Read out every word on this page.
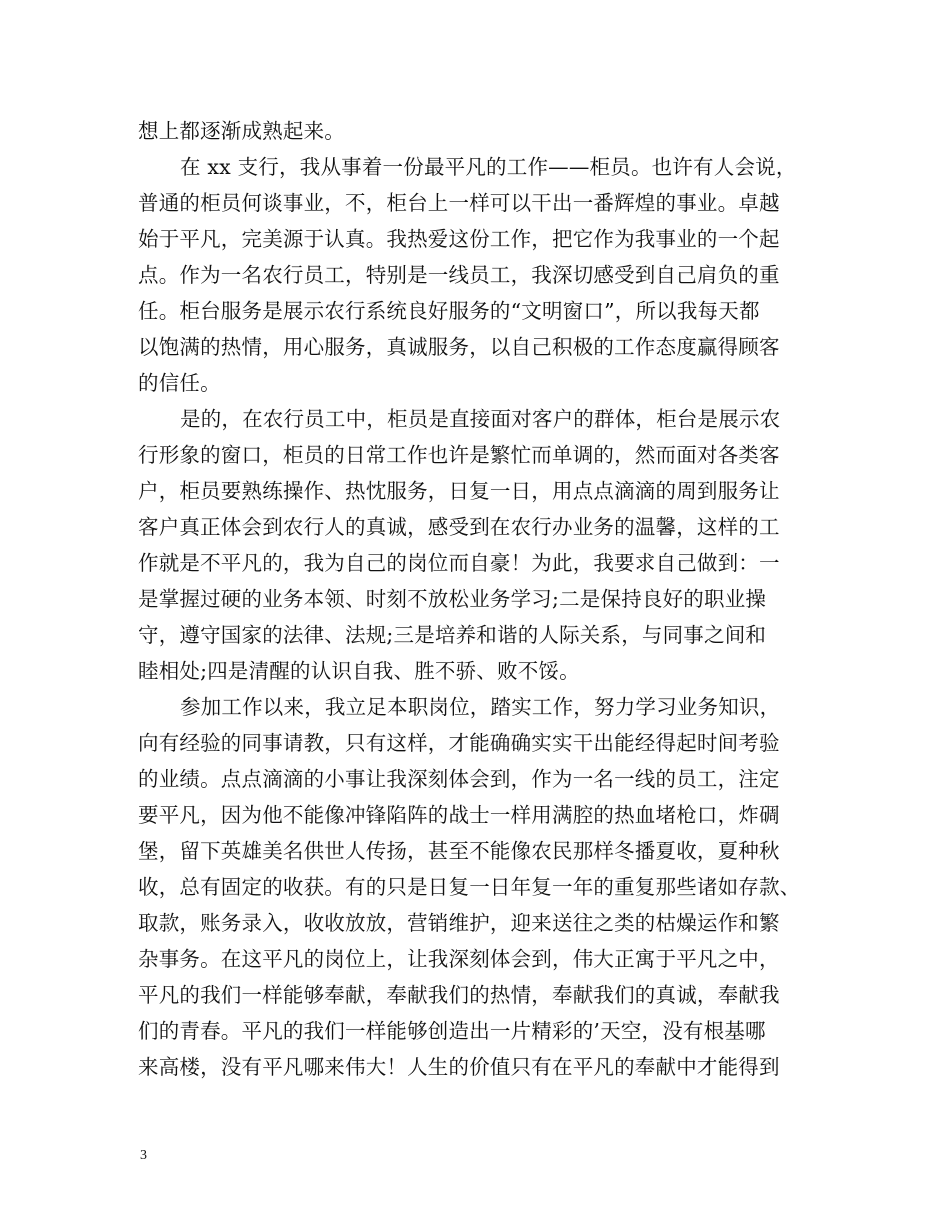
想上都逐渐成熟起来。
在 xx 支行，我从事着一份最平凡的工作——柜员。也许有人会说，
普通的柜员何谈事业，不，柜台上一样可以干出一番辉煌的事业。卓越
始于平凡，完美源于认真。我热爱这份工作，把它作为我事业的一个起
点。作为一名农行员工，特别是一线员工，我深切感受到自己肩负的重
任。柜台服务是展示农行系统良好服务的“文明窗口”，所以我每天都
以饱满的热情，用心服务，真诚服务，以自己积极的工作态度赢得顾客
的信任。
是的，在农行员工中，柜员是直接面对客户的群体，柜台是展示农
行形象的窗口，柜员的日常工作也许是繁忙而单调的，然而面对各类客
户，柜员要熟练操作、热忱服务，日复一日，用点点滴滴的周到服务让
客户真正体会到农行人的真诚，感受到在农行办业务的温馨，这样的工
作就是不平凡的，我为自己的岗位而自豪！为此，我要求自己做到：一
是掌握过硬的业务本领、时刻不放松业务学习;二是保持良好的职业操
守，遵守国家的法律、法规;三是培养和谐的人际关系，与同事之间和
睦相处;四是清醒的认识自我、胜不骄、败不馁。
参加工作以来，我立足本职岗位，踏实工作，努力学习业务知识，
向有经验的同事请教，只有这样，才能确确实实干出能经得起时间考验
的业绩。点点滴滴的小事让我深刻体会到，作为一名一线的员工，注定
要平凡，因为他不能像冲锋陷阵的战士一样用满腔的热血堵枪口，炸碉
堡，留下英雄美名供世人传扬，甚至不能像农民那样冬播夏收，夏种秋
收，总有固定的收获。有的只是日复一日年复一年的重复那些诸如存款、
取款，账务录入，收收放放，营销维护，迎来送往之类的枯燥运作和繁
杂事务。在这平凡的岗位上，让我深刻体会到，伟大正寓于平凡之中，
平凡的我们一样能够奉献，奉献我们的热情，奉献我们的真诚，奉献我
们的青春。平凡的我们一样能够创造出一片精彩的’天空，没有根基哪
来高楼，没有平凡哪来伟大！人生的价值只有在平凡的奉献中才能得到
3
